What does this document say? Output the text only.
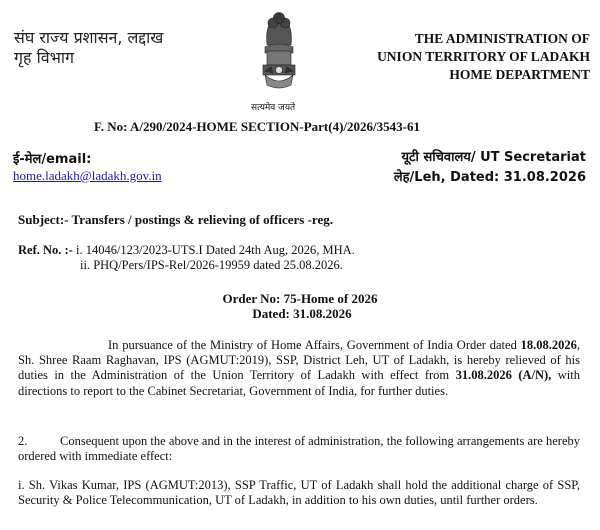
संघ राज्य प्रशासन, लद्दाख
गृह विभाग
सत्यमेव जयते
THE ADMINISTRATION OF
UNION TERRITORY OF LADAKH
HOME DEPARTMENT
F. No: A/290/2024-HOME SECTION-Part(4)/2026/3543-61
ई-मेल/email:
home.ladakh@ladakh.gov.in
यूटी सचिवालय/ UT Secretariat
लेह/Leh, Dated: 31.08.2026
Subject:- Transfers / postings & relieving of officers -reg.
Ref. No. :- i. 14046/123/2023-UTS.I Dated 24th Aug, 2026, MHA.
ii. PHQ/Pers/IPS-Rel/2026-19959 dated 25.08.2026.
Order No: 75-Home of 2026
Dated: 31.08.2026
In pursuance of the Ministry of Home Affairs, Government of India Order dated 18.08.2026, Sh. Shree Raam Raghavan, IPS (AGMUT:2019), SSP, District Leh, UT of Ladakh, is hereby relieved of his duties in the Administration of the Union Territory of Ladakh with effect from 31.08.2026 (A/N), with directions to report to the Cabinet Secretariat, Government of India, for further duties.
2.	Consequent upon the above and in the interest of administration, the following arrangements are hereby ordered with immediate effect:
i. Sh. Vikas Kumar, IPS (AGMUT:2013), SSP Traffic, UT of Ladakh shall hold the additional charge of SSP, Security & Police Telecommunication, UT of Ladakh, in addition to his own duties, until further orders.
